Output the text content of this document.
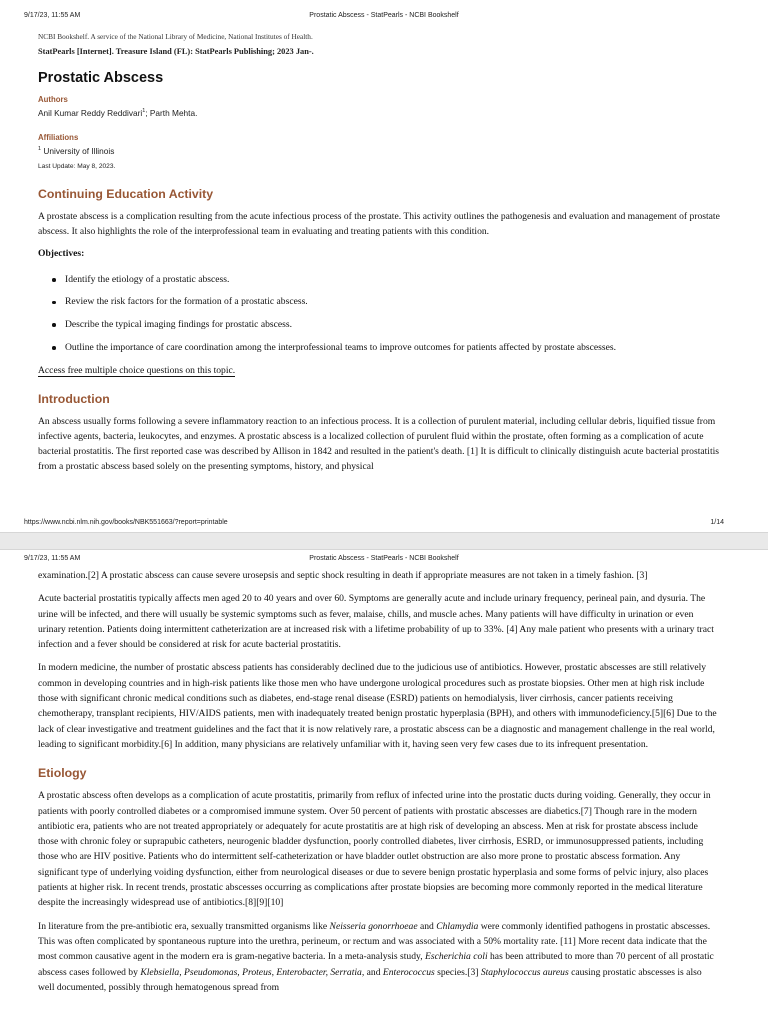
9/17/23, 11:55 AM	Prostatic Abscess - StatPearls - NCBI Bookshelf
NCBI Bookshelf. A service of the National Library of Medicine, National Institutes of Health.
StatPearls [Internet]. Treasure Island (FL): StatPearls Publishing; 2023 Jan-.
Prostatic Abscess
Authors
Anil Kumar Reddy Reddivari$^1$; Parth Mehta.
Affiliations
$^1$ University of Illinois
Last Update: May 8, 2023.
Continuing Education Activity

A prostate abscess is a complication resulting from the acute infectious process of the prostate. This activity outlines the pathogenesis and evaluation and management of prostate abscess. It also highlights the role of the interprofessional team in evaluating and treating patients with this condition.

Objectives:

Identify the etiology of a prostatic abscess.
Review the risk factors for the formation of a prostatic abscess.
Describe the typical imaging findings for prostatic abscess.
Outline the importance of care coordination among the interprofessional teams to improve outcomes for patients affected by prostate abscesses.

Access free multiple choice questions on this topic.

Introduction

An abscess usually forms following a severe inflammatory reaction to an infectious process. It is a collection of purulent material, including cellular debris, liquified tissue from infective agents, bacteria, leukocytes, and enzymes. A prostatic abscess is a localized collection of purulent fluid within the prostate, often forming as a complication of acute bacterial prostatitis. The first reported case was described by Allison in 1842 and resulted in the patient's death. [1] It is difficult to clinically distinguish acute bacterial prostatitis from a prostatic abscess based solely on the presenting symptoms, history, and physical

https://www.ncbi.nlm.nih.gov/books/NBK551663/?report=printable	1/14
9/17/23, 11:55 AM	Prostatic Abscess - StatPearls - NCBI Bookshelf

examination.[2] A prostatic abscess can cause severe urosepsis and septic shock resulting in death if appropriate measures are not taken in a timely fashion. [3]

Acute bacterial prostatitis typically affects men aged 20 to 40 years and over 60. Symptoms are generally acute and include urinary frequency, perineal pain, and dysuria. The urine will be infected, and there will usually be systemic symptoms such as fever, malaise, chills, and muscle aches. Many patients will have difficulty in urination or even urinary retention. Patients doing intermittent catheterization are at increased risk with a lifetime probability of up to 33%. [4] Any male patient who presents with a urinary tract infection and a fever should be considered at risk for acute bacterial prostatitis.

In modern medicine, the number of prostatic abscess patients has considerably declined due to the judicious use of antibiotics. However, prostatic abscesses are still relatively common in developing countries and in high-risk patients like those men who have undergone urological procedures such as prostate biopsies. Other men at high risk include those with significant chronic medical conditions such as diabetes, end-stage renal disease (ESRD) patients on hemodialysis, liver cirrhosis, cancer patients receiving chemotherapy, transplant recipients, HIV/AIDS patients, men with inadequately treated benign prostatic hyperplasia (BPH), and others with immunodeficiency.[5][6] Due to the lack of clear investigative and treatment guidelines and the fact that it is now relatively rare, a prostatic abscess can be a diagnostic and management challenge in the real world, leading to significant morbidity.[6] In addition, many physicians are relatively unfamiliar with it, having seen very few cases due to its infrequent presentation.

Etiology

A prostatic abscess often develops as a complication of acute prostatitis, primarily from reflux of infected urine into the prostatic ducts during voiding. Generally, they occur in patients with poorly controlled diabetes or a compromised immune system. Over 50 percent of patients with prostatic abscesses are diabetics.[7] Though rare in the modern antibiotic era, patients who are not treated appropriately or adequately for acute prostatitis are at high risk of developing an abscess. Men at risk for prostate abscess include those with chronic foley or suprapubic catheters, neurogenic bladder dysfunction, poorly controlled diabetes, liver cirrhosis, ESRD, or immunosuppressed patients, including those who are HIV positive. Patients who do intermittent self-catheterization or have bladder outlet obstruction are also more prone to prostatic abscess formation. Any significant type of underlying voiding dysfunction, either from neurological diseases or due to severe benign prostatic hyperplasia and some forms of pelvic injury, also places patients at higher risk. In recent trends, prostatic abscesses occurring as complications after prostate biopsies are becoming more commonly reported in the medical literature despite the increasingly widespread use of antibiotics.[8][9][10]

In literature from the pre-antibiotic era, sexually transmitted organisms like Neisseria gonorrhoeae and Chlamydia were commonly identified pathogens in prostatic abscesses. This was often complicated by spontaneous rupture into the urethra, perineum, or rectum and was associated with a 50% mortality rate. [11] More recent data indicate that the most common causative agent in the modern era is gram-negative bacteria. In a meta-analysis study, Escherichia coli has been attributed to more than 70 percent of all prostatic abscess cases followed by Klebsiella, Pseudomonas, Proteus, Enterobacter, Serratia, and Enterococcus species.[3] Staphylococcus aureus causing prostatic abscesses is also well documented, possibly through hematogenous spread from
